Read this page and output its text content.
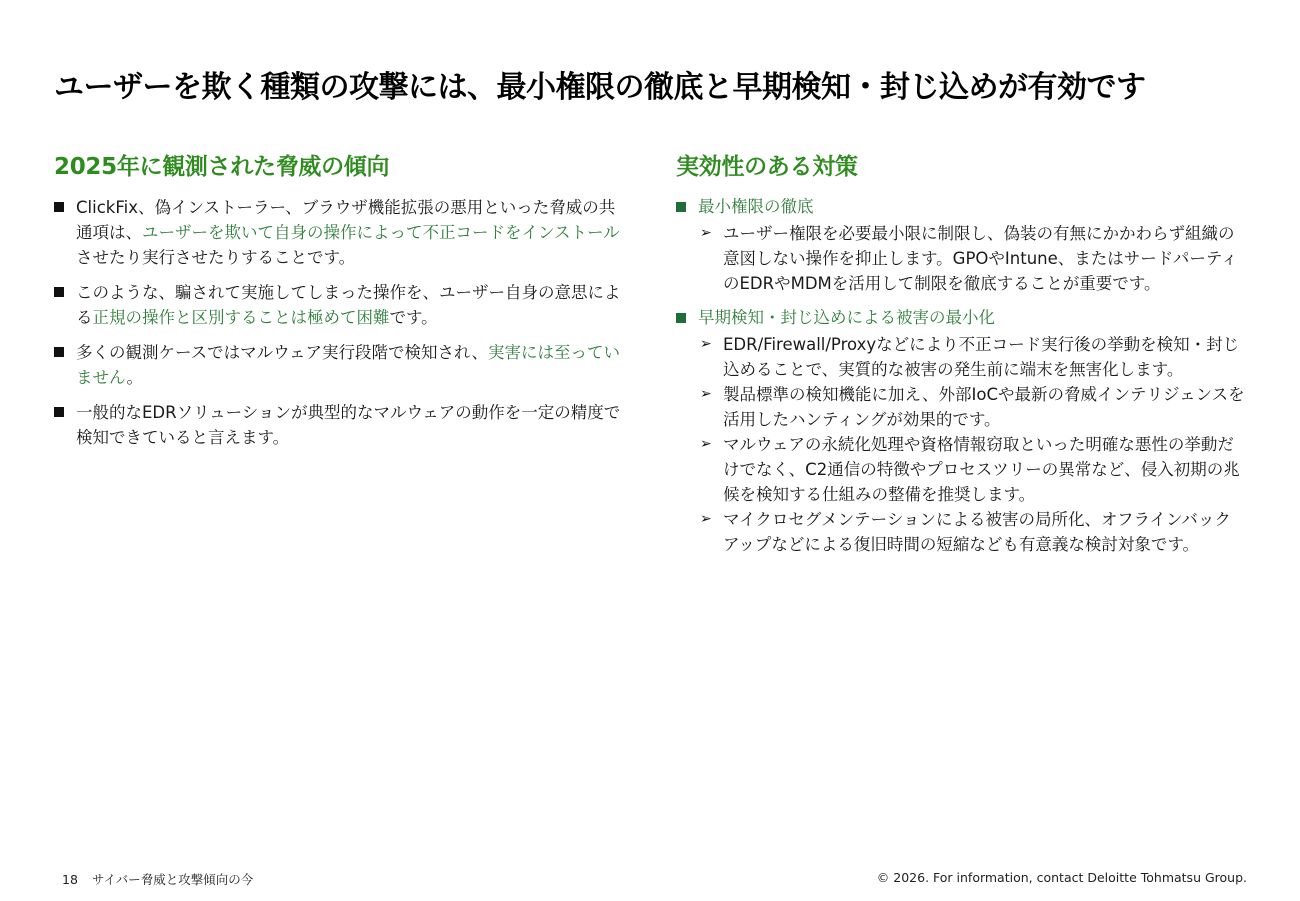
ユーザーを欺く種類の攻撃には、最小権限の徹底と早期検知・封じ込めが有効です
2025年に観測された脅威の傾向
ClickFix、偽インストーラー、ブラウザ機能拡張の悪用といった脅威の共通項は、ユーザーを欺いて自身の操作によって不正コードをインストールさせたり実行させたりすることです。
このような、騙されて実施してしまった操作を、ユーザー自身の意思による正規の操作と区別することは極めて困難です。
多くの観測ケースではマルウェア実行段階で検知され、実害には至っていません。
一般的なEDRソリューションが典型的なマルウェアの動作を一定の精度で検知できていると言えます。
実効性のある対策
最小権限の徹底
➢ ユーザー権限を必要最小限に制限し、偽装の有無にかかわらず組織の意図しない操作を抑止します。GPOやIntune、またはサードパーティのEDRやMDMを活用して制限を徹底することが重要です。
早期検知・封じ込めによる被害の最小化
➢ EDR/Firewall/Proxyなどにより不正コード実行後の挙動を検知・封じ込めることで、実質的な被害の発生前に端末を無害化します。
➢ 製品標準の検知機能に加え、外部IoCや最新の脅威インテリジェンスを活用したハンティングが効果的です。
➢ マルウェアの永続化処理や資格情報窃取といった明確な悪性の挙動だけでなく、C2通信の特徴やプロセスツリーの異常など、侵入初期の兆候を検知する仕組みの整備を推奨します。
➢ マイクロセグメンテーションによる被害の局所化、オフラインバックアップなどによる復旧時間の短縮なども有意義な検討対象です。
18 サイバー脅威と攻撃傾向の今	© 2026. For information, contact Deloitte Tohmatsu Group.
